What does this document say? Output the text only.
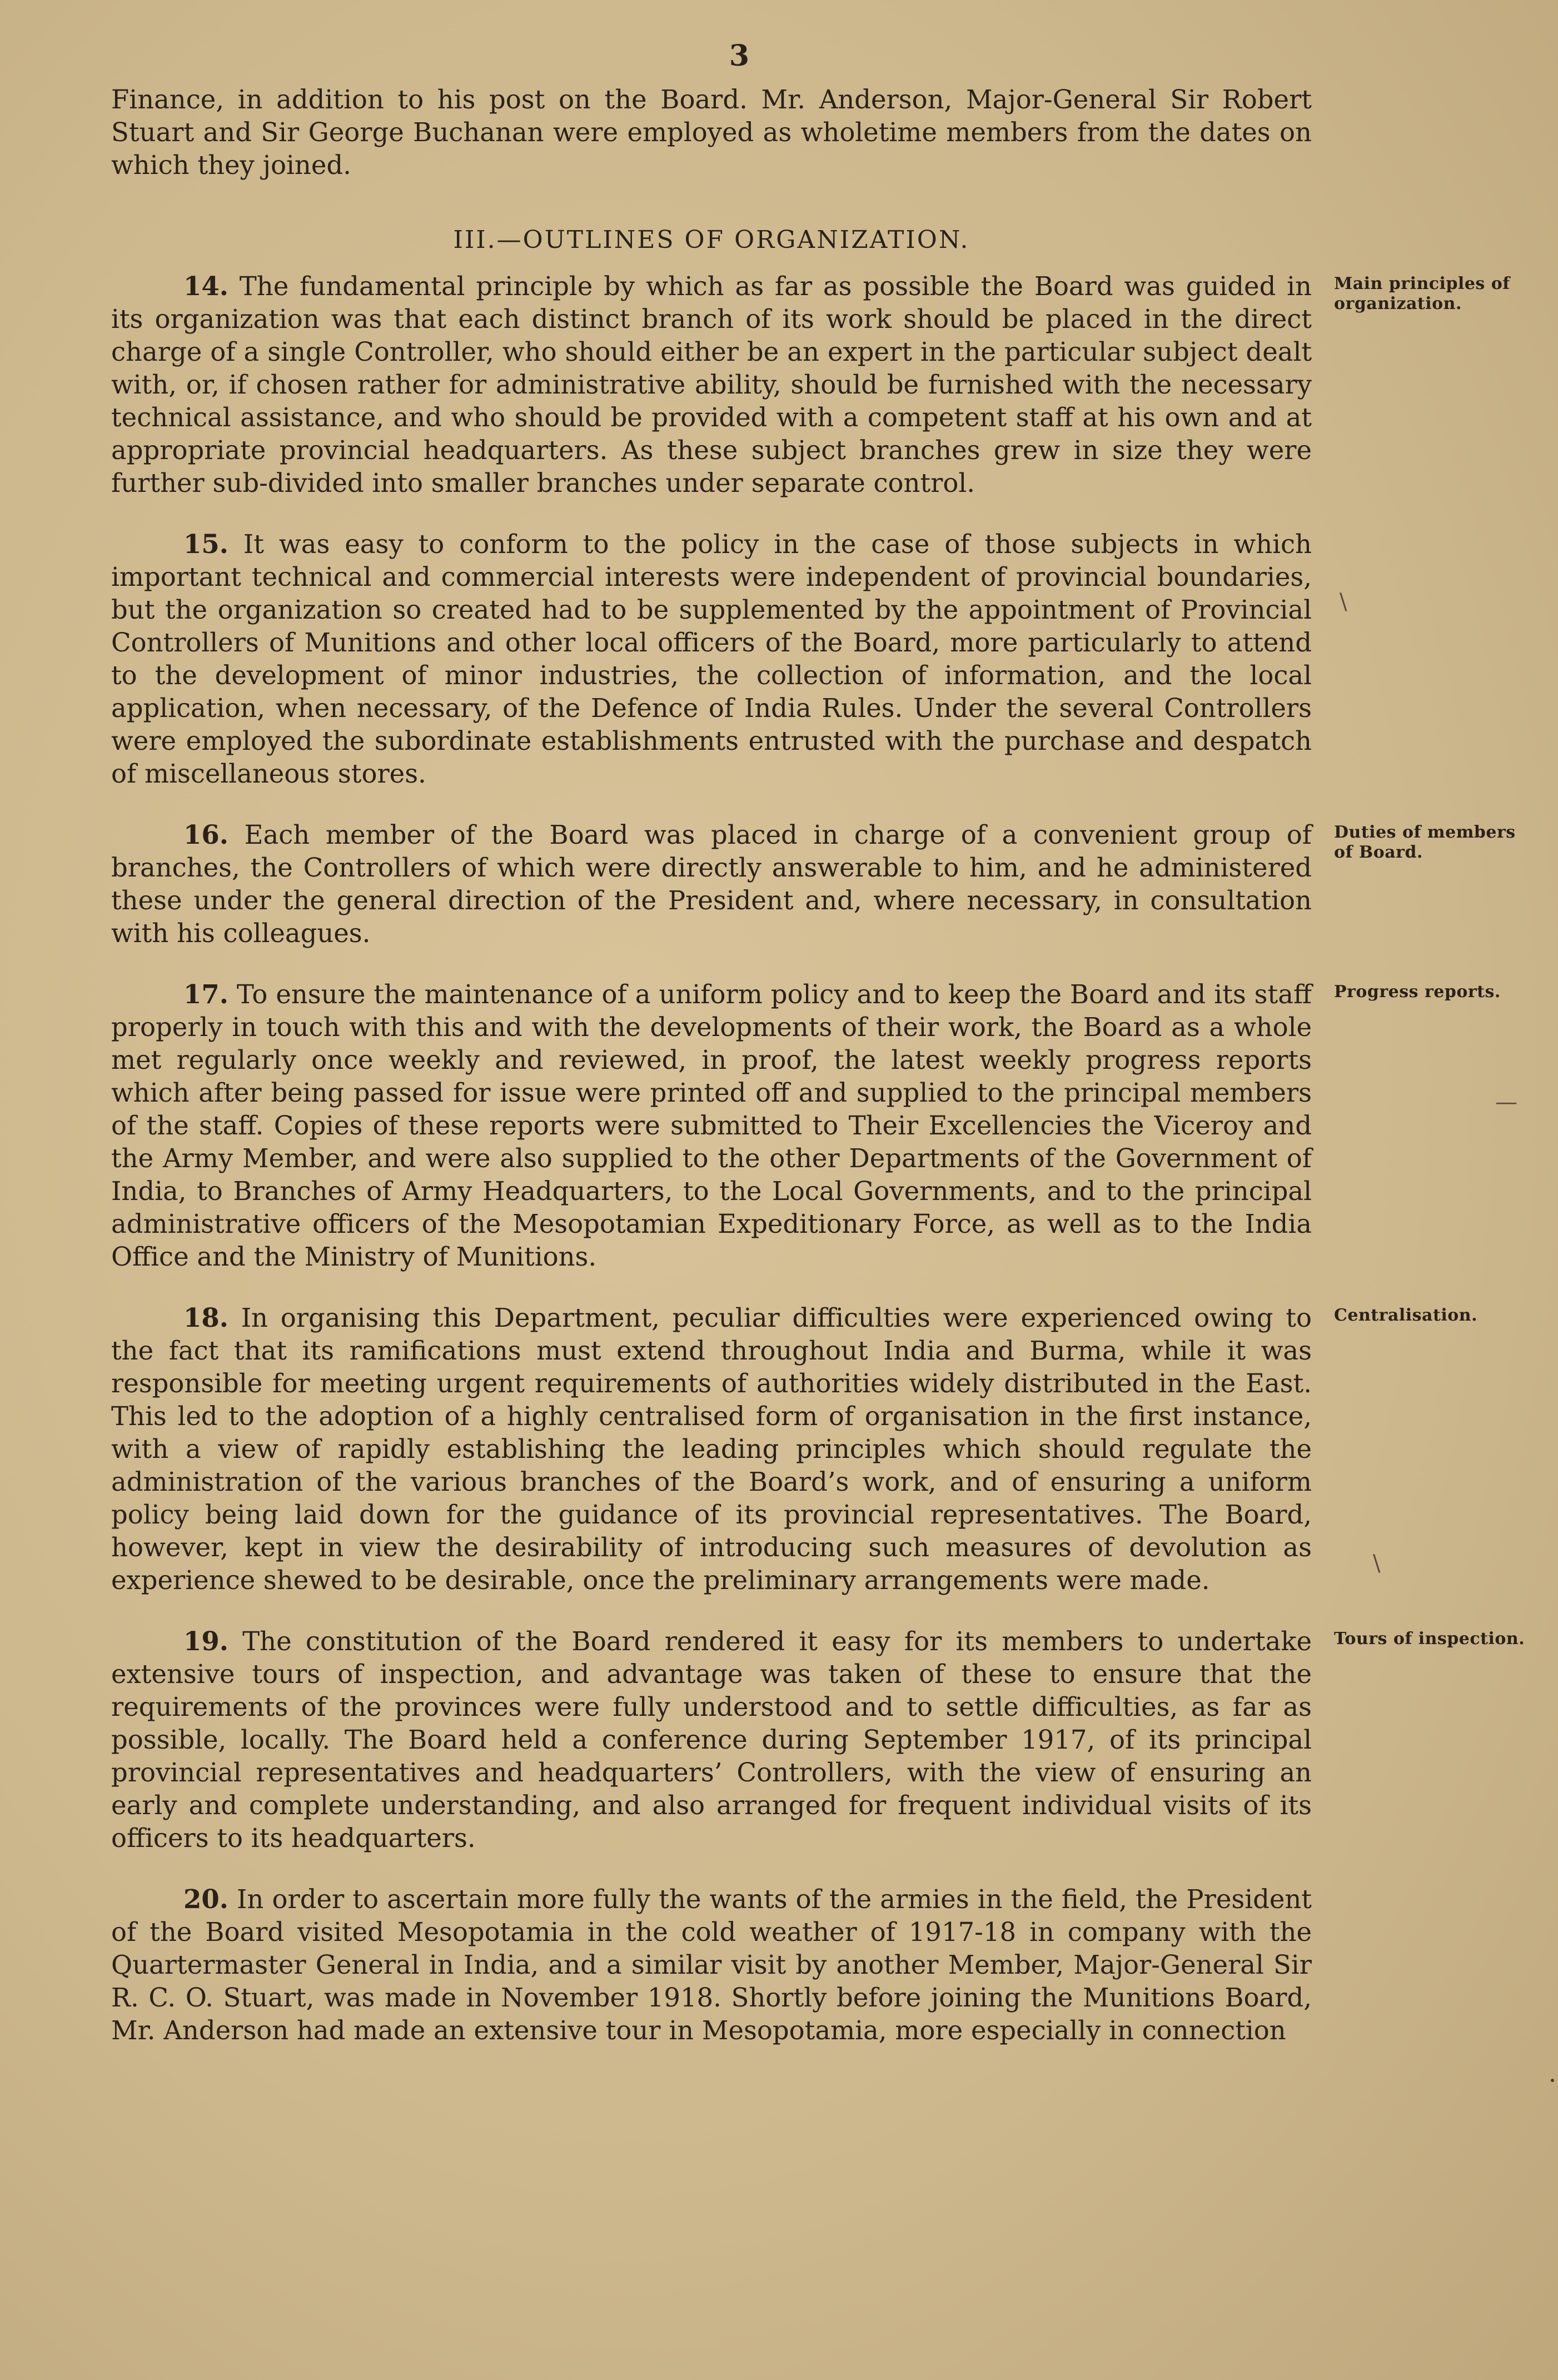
3

Finance, in addition to his post on the Board. Mr. Anderson, Major-General Sir Robert Stuart and Sir George Buchanan were employed as wholetime members from the dates on which they joined.

III.—OUTLINES OF ORGANIZATION.

14. The fundamental principle by which as far as possible the Board was guided in its organization was that each distinct branch of its work should be placed in the direct charge of a single Controller, who should either be an expert in the particular subject dealt with, or, if chosen rather for administrative ability, should be furnished with the necessary technical assistance, and who should be provided with a competent staff at his own and at appropriate provincial headquarters. As these subject branches grew in size they were further sub-divided into smaller branches under separate control.
Main principles of organization.

15. It was easy to conform to the policy in the case of those subjects in which important technical and commercial interests were independent of provincial boundaries, but the organization so created had to be supplemented by the appointment of Provincial Controllers of Munitions and other local officers of the Board, more particularly to attend to the development of minor industries, the collection of information, and the local application, when necessary, of the Defence of India Rules. Under the several Controllers were employed the subordinate establishments entrusted with the purchase and despatch of miscellaneous stores.

16. Each member of the Board was placed in charge of a convenient group of branches, the Controllers of which were directly answerable to him, and he administered these under the general direction of the President and, where necessary, in consultation with his colleagues.
Duties of members of Board.

17. To ensure the maintenance of a uniform policy and to keep the Board and its staff properly in touch with this and with the developments of their work, the Board as a whole met regularly once weekly and reviewed, in proof, the latest weekly progress reports which after being passed for issue were printed off and supplied to the principal members of the staff. Copies of these reports were submitted to Their Excellencies the Viceroy and the Army Member, and were also supplied to the other Departments of the Government of India, to Branches of Army Headquarters, to the Local Governments, and to the principal administrative officers of the Mesopotamian Expeditionary Force, as well as to the India Office and the Ministry of Munitions.
Progress reports.

18. In organising this Department, peculiar difficulties were experienced owing to the fact that its ramifications must extend throughout India and Burma, while it was responsible for meeting urgent requirements of authorities widely distributed in the East. This led to the adoption of a highly centralised form of organisation in the first instance, with a view of rapidly establishing the leading principles which should regulate the administration of the various branches of the Board’s work, and of ensuring a uniform policy being laid down for the guidance of its provincial representatives. The Board, however, kept in view the desirability of introducing such measures of devolution as experience shewed to be desirable, once the preliminary arrangements were made.
Centralisation.

19. The constitution of the Board rendered it easy for its members to undertake extensive tours of inspection, and advantage was taken of these to ensure that the requirements of the provinces were fully understood and to settle difficulties, as far as possible, locally. The Board held a conference during September 1917, of its principal provincial representatives and headquarters’ Controllers, with the view of ensuring an early and complete understanding, and also arranged for frequent individual visits of its officers to its headquarters.
Tours of inspection.

20. In order to ascertain more fully the wants of the armies in the field, the President of the Board visited Mesopotamia in the cold weather of 1917-18 in company with the Quartermaster General in India, and a similar visit by another Member, Major-General Sir R. C. O. Stuart, was made in November 1918. Shortly before joining the Munitions Board, Mr. Anderson had made an extensive tour in Mesopotamia, more especially in connection

\
—
\
